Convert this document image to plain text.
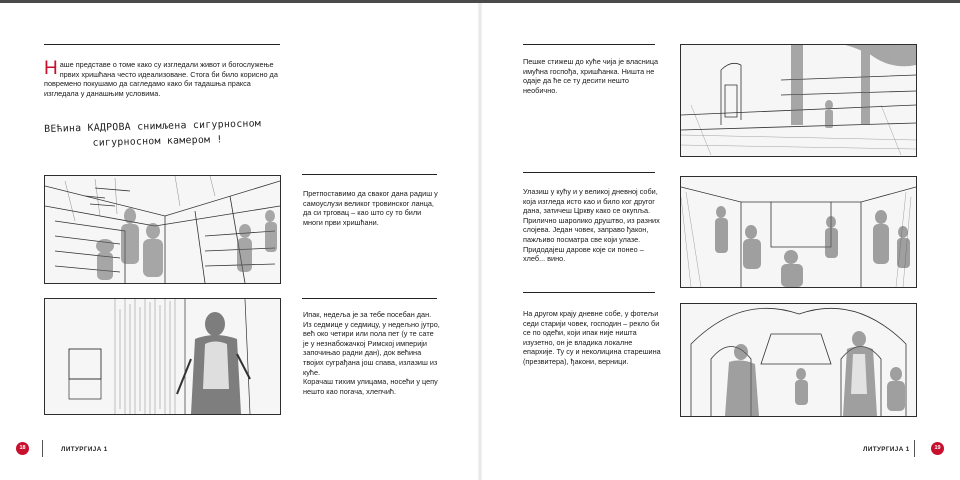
Н аше представе о томе како су изгледали живот и богослужење првих хришћана често идеализоване. Стога би било корисно да повремено покушамо да сагледамо како би тадашња пракса изгледала у данашњим условима.
ВЕћина КАДРОВА снимљена сигурносном
сигурносном камером !

Претпоставимо да сваког дана радиш у самоуслузи великог тровинског ланца, да си трговац – као што су то били многи први хришћани.

Ипак, недеља је за тебе посебан дан. Из седмице у седмицу, у недељно јутро, већ око четири или пола пет (у те сате је у незнабожачкој Римској империји започињао радни дан), док већина твојих суграђана још спава, излазиш из куће.

Корачаш тихим улицама, носећи у цепу нешто као погача, хлепчић.

18	ЛИТУРГИЈА 1

Пешке стижеш до куће чија је власница имућна госпођа, хришћанка. Ништа не одаје да ће се ту десити нешто необично.

Улазиш у кућу и у великој дневној соби, која изгледа исто као и било ког другог дана, затичеш Цркву како се окупља. Прилично шаролико друштво, из разних слојева. Један човек, заправо ђакон, пажљиво посматра све који улазе. Придодајеш дарове које си понео – хлеб... вино.

На другом крају дневне собе, у фотељи седи старији човек, господин – рекло би се по одећи, који ипак није ништа изузетно, он је владика локалне епархије. Ту су и неколицина старешина (презвитера), ђакони, верници.

ЛИТУРГИЈА 1	19
